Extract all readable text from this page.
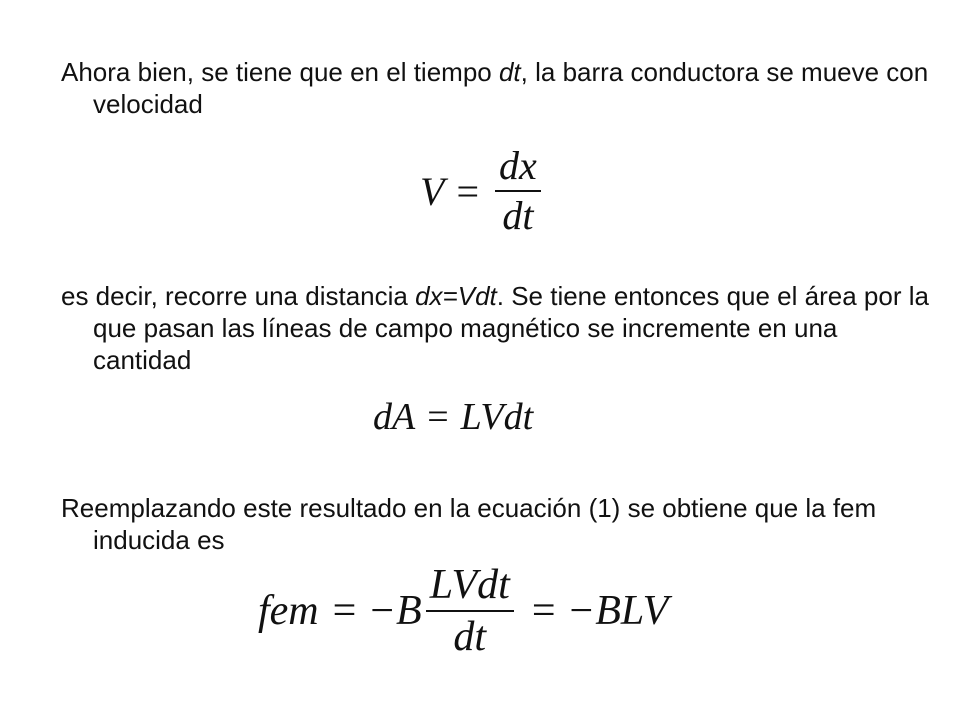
Ahora bien, se tiene que en el tiempo dt, la barra conductora se mueve con velocidad

$V = \frac{dx}{dt}$

es decir, recorre una distancia dx=Vdt. Se tiene entonces que el área por la que pasan las líneas de campo magnético se incremente en una cantidad

dA = LVdt

Reemplazando este resultado en la ecuación (1) se obtiene que la fem inducida es

fem = − B $\frac{\text{LVdt}}{dt}$ = − BLV
